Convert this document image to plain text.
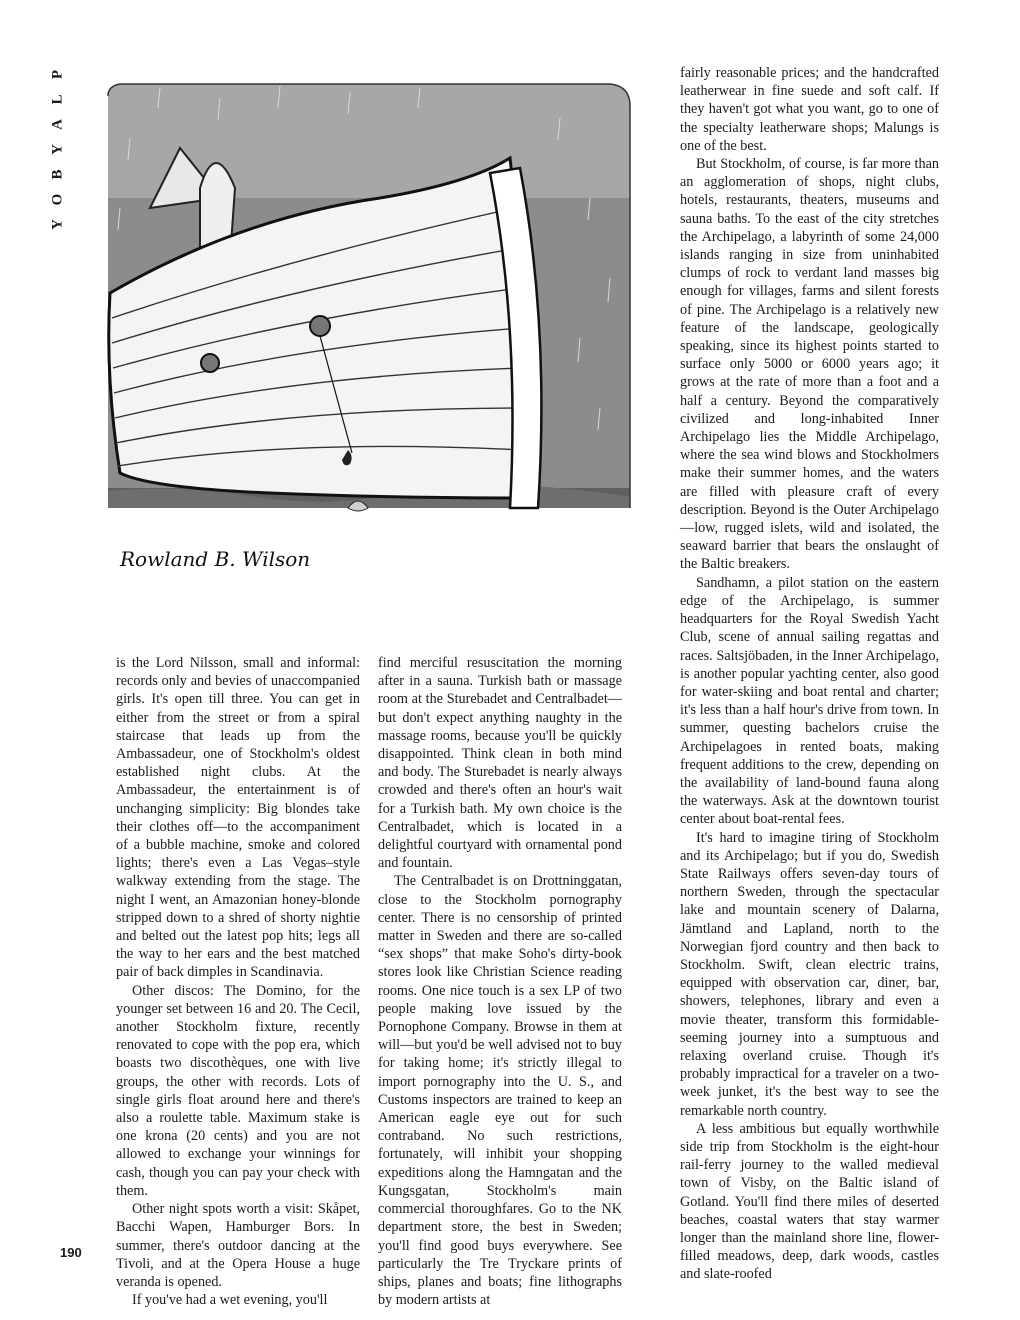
P
L
A
Y
B
O
Y
Rowland B. Wilson

is the Lord Nilsson, small and informal: records only and bevies of unaccompanied girls. It's open till three. You can get in either from the street or from a spiral staircase that leads up from the Ambassadeur, one of Stockholm's oldest established night clubs. At the Ambassadeur, the entertainment is of unchanging simplicity: Big blondes take their clothes off—to the accompaniment of a bubble machine, smoke and colored lights; there's even a Las Vegas–style walkway extending from the stage. The night I went, an Amazonian honey-blonde stripped down to a shred of shorty nightie and belted out the latest pop hits; legs all the way to her ears and the best matched pair of back dimples in Scandinavia.

Other discos: The Domino, for the younger set between 16 and 20. The Cecil, another Stockholm fixture, recently renovated to cope with the pop era, which boasts two discothèques, one with live groups, the other with records. Lots of single girls float around here and there's also a roulette table. Maximum stake is one krona (20 cents) and you are not allowed to exchange your winnings for cash, though you can pay your check with them.

Other night spots worth a visit: Skåpet, Bacchi Wapen, Hamburger Bors. In summer, there's outdoor dancing at the Tivoli, and at the Opera House a huge veranda is opened.

If you've had a wet evening, you'll

find merciful resuscitation the morning after in a sauna. Turkish bath or massage room at the Sturebadet and Centralbadet—but don't expect anything naughty in the massage rooms, because you'll be quickly disappointed. Think clean in both mind and body. The Sturebadet is nearly always crowded and there's often an hour's wait for a Turkish bath. My own choice is the Centralbadet, which is located in a delightful courtyard with ornamental pond and fountain.

The Centralbadet is on Drottninggatan, close to the Stockholm pornography center. There is no censorship of printed matter in Sweden and there are so-called “sex shops” that make Soho's dirty-book stores look like Christian Science reading rooms. One nice touch is a sex LP of two people making love issued by the Pornophone Company. Browse in them at will—but you'd be well advised not to buy for taking home; it's strictly illegal to import pornography into the U. S., and Customs inspectors are trained to keep an American eagle eye out for such contraband. No such restrictions, fortunately, will inhibit your shopping expeditions along the Hamngatan and the Kungsgatan, Stockholm's main commercial thoroughfares. Go to the NK department store, the best in Sweden; you'll find good buys everywhere. See particularly the Tre Tryckare prints of ships, planes and boats; fine lithographs by modern artists at

fairly reasonable prices; and the handcrafted leatherwear in fine suede and soft calf. If they haven't got what you want, go to one of the specialty leatherware shops; Malungs is one of the best.

But Stockholm, of course, is far more than an agglomeration of shops, night clubs, hotels, restaurants, theaters, museums and sauna baths. To the east of the city stretches the Archipelago, a labyrinth of some 24,000 islands ranging in size from uninhabited clumps of rock to verdant land masses big enough for villages, farms and silent forests of pine. The Archipelago is a relatively new feature of the landscape, geologically speaking, since its highest points started to surface only 5000 or 6000 years ago; it grows at the rate of more than a foot and a half a century. Beyond the comparatively civilized and long-inhabited Inner Archipelago lies the Middle Archipelago, where the sea wind blows and Stockholmers make their summer homes, and the waters are filled with pleasure craft of every description. Beyond is the Outer Archipelago—low, rugged islets, wild and isolated, the seaward barrier that bears the onslaught of the Baltic breakers.

Sandhamn, a pilot station on the eastern edge of the Archipelago, is summer headquarters for the Royal Swedish Yacht Club, scene of annual sailing regattas and races. Saltsjöbaden, in the Inner Archipelago, is another popular yachting center, also good for water-skiing and boat rental and charter; it's less than a half hour's drive from town. In summer, questing bachelors cruise the Archipelagoes in rented boats, making frequent additions to the crew, depending on the availability of land-bound fauna along the waterways. Ask at the downtown tourist center about boat-rental fees.

It's hard to imagine tiring of Stockholm and its Archipelago; but if you do, Swedish State Railways offers seven-day tours of northern Sweden, through the spectacular lake and mountain scenery of Dalarna, Jämtland and Lapland, north to the Norwegian fjord country and then back to Stockholm. Swift, clean electric trains, equipped with observation car, diner, bar, showers, telephones, library and even a movie theater, transform this formidable-seeming journey into a sumptuous and relaxing overland cruise. Though it's probably impractical for a traveler on a two-week junket, it's the best way to see the remarkable north country.

A less ambitious but equally worthwhile side trip from Stockholm is the eight-hour rail-ferry journey to the walled medieval town of Visby, on the Baltic island of Gotland. You'll find there miles of deserted beaches, coastal waters that stay warmer longer than the mainland shore line, flower-filled meadows, deep, dark woods, castles and slate-roofed

190
